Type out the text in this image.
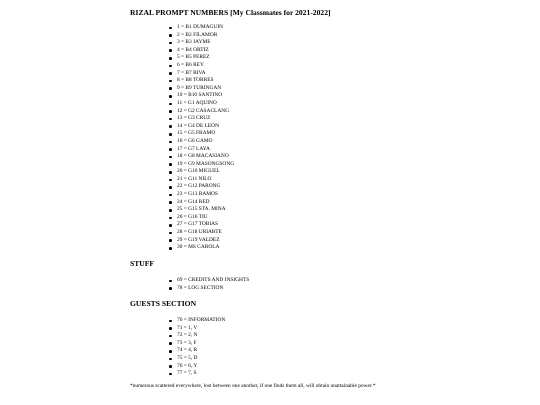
RIZAL PROMPT NUMBERS [My Classmates for 2021-2022]
1 = B1 DUMAGUIN
2 = B2 FILAMOR
3 = B3 JAYME
4 = B4 ORTIZ
5 = B5 PEREZ
6 = B6 REY
7 = B7 RIVA
8 = B8 TORRES
9 = B9 TURINGAN
10 = B10 SANTINO
11 = G1 AQUINO
12 = G2 CASACLANG
13 = G3 CRUZ
14 = G4 DE LEON
15 = G5 FRAMO
16 = G6 GAMO
17 = G7 LAYA
18 = G8 MACASIANO
19 = G9 MASONGSONG
20 = G10 MIGUEL
21 = G11 NILO
22 = G12 PARONG
23 = G13 RAMOS
24 = G14 RED
25 = G15 STA. MINA
26 = G16 TIU
27 = G17 TOBIAS
28 = G18 URIARTE
29 = G19 VALDEZ
30 = MS CAROLA
STUFF
69 = CREDITS AND INSIGHTS
78 = LOG SECTION
GUESTS SECTION
70 = INFORMATION
71 = 1, V
72 = 2, N
73 = 3, F
74 = 4, R
75 = 5, D
76 = 6, Y
77 = 7, S

*numerous scattered everywhere, lost between one another, if one finds them all, will obtain unattainable power.*
